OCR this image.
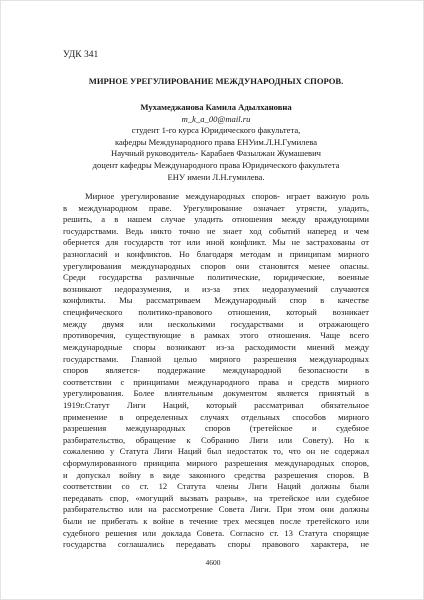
УДК 341

МИРНОЕ УРЕГУЛИРОВАНИЕ МЕЖДУНАРОДНЫХ СПОРОВ.
Мухамеджанова Камила Адылхановна
m_k_a_00@mail.ru
студент 1-го курса Юридического факультета,
кафедры Международного права ЕНУим.Л.Н.Гумилева
Научный руководитель- Карабаев Фазылжан Жумашевич
доцент кафедры Международного права Юридического факультета
ЕНУ имени Л.Н.гумилева.
Мирное урегулирование международных споров- играет важную роль
в международном праве. Урегулирование означает утрясти, уладить,
решить, а в нашем случае уладить отношения между враждующими
государствами. Ведь никто точно не знает ход событий наперед и чем
обернется для государств тот или иной конфликт. Мы не застрахованы от
разногласий и конфликтов. Но благодаря методам и принципам мирного
урегулирования международных споров они становятся менее опасны.
Среди государства различные политические, юридические, военные
возникают недоразумения, и из-за этих недоразумений случаются
конфликты. Мы рассматриваем Международный спор в качестве
специфического политико-правового отношения, который возникает
между двумя или несколькими государствами и отражающего
противоречия, существующие в рамках этого отношения. Чаще всего
международные споры возникают из-за расходимости мнений между
государствами. Главной целью мирного разрешения международных
споров является- поддержание международной безопасности в
соответствии с принципами международного права и средств мирного
урегулирования. Более влиятельным документом является принятый в
1919г.Статут Лиги Наций, который рассматривал обязательное
применение в определенных случаях отдельных способов мирного
разрешения международных споров (третейское и судебное
разбирательство, обращение к Собранию Лиги или Совету). Но к
сожалению у Статута Лиги Наций был недостаток то, что он не содержал
сформулированного принципа мирного разрешения международных споров,
и допускал войну в виде законного средства разрешения споров. В
соответствии со ст. 12 Статута члены Лиги Наций должны были
передавать спор, «могущий вызвать разрыв», на третейское или судебное
разбирательство или на рассмотрение Совета Лиги. При этом они должны
были не прибегать к войне в течение трех месяцев после третейского или
судебного решения или доклада Совета. Согласно ст. 13 Статута спорящие
государства соглашались передавать споры правового характера, не

4600
